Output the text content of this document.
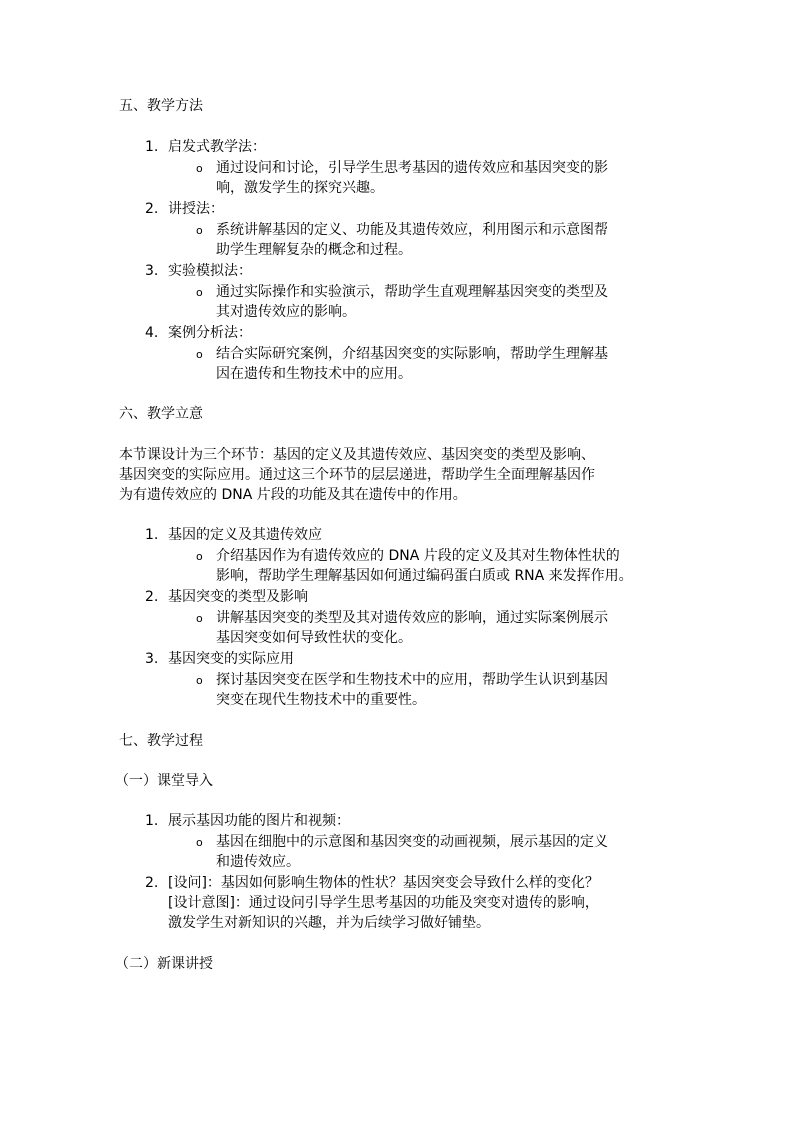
五、教学方法
1. 启发式教学法：
o 通过设问和讨论，引导学生思考基因的遗传效应和基因突变的影
响，激发学生的探究兴趣。
2. 讲授法：
o 系统讲解基因的定义、功能及其遗传效应，利用图示和示意图帮
助学生理解复杂的概念和过程。
3. 实验模拟法：
o 通过实际操作和实验演示，帮助学生直观理解基因突变的类型及
其对遗传效应的影响。
4. 案例分析法：
o 结合实际研究案例，介绍基因突变的实际影响，帮助学生理解基
因在遗传和生物技术中的应用。
六、教学立意
本节课设计为三个环节：基因的定义及其遗传效应、基因突变的类型及影响、
基因突变的实际应用。通过这三个环节的层层递进，帮助学生全面理解基因作
为有遗传效应的 DNA 片段的功能及其在遗传中的作用。
1. 基因的定义及其遗传效应
o 介绍基因作为有遗传效应的 DNA 片段的定义及其对生物体性状的
影响，帮助学生理解基因如何通过编码蛋白质或 RNA 来发挥作用。
2. 基因突变的类型及影响
o 讲解基因突变的类型及其对遗传效应的影响，通过实际案例展示
基因突变如何导致性状的变化。
3. 基因突变的实际应用
o 探讨基因突变在医学和生物技术中的应用，帮助学生认识到基因
突变在现代生物技术中的重要性。
七、教学过程
（一）课堂导入
1. 展示基因功能的图片和视频：
o 基因在细胞中的示意图和基因突变的动画视频，展示基因的定义
和遗传效应。
2. [设问]：基因如何影响生物体的性状？基因突变会导致什么样的变化？
[设计意图]：通过设问引导学生思考基因的功能及突变对遗传的影响，
激发学生对新知识的兴趣，并为后续学习做好铺垫。
（二）新课讲授
